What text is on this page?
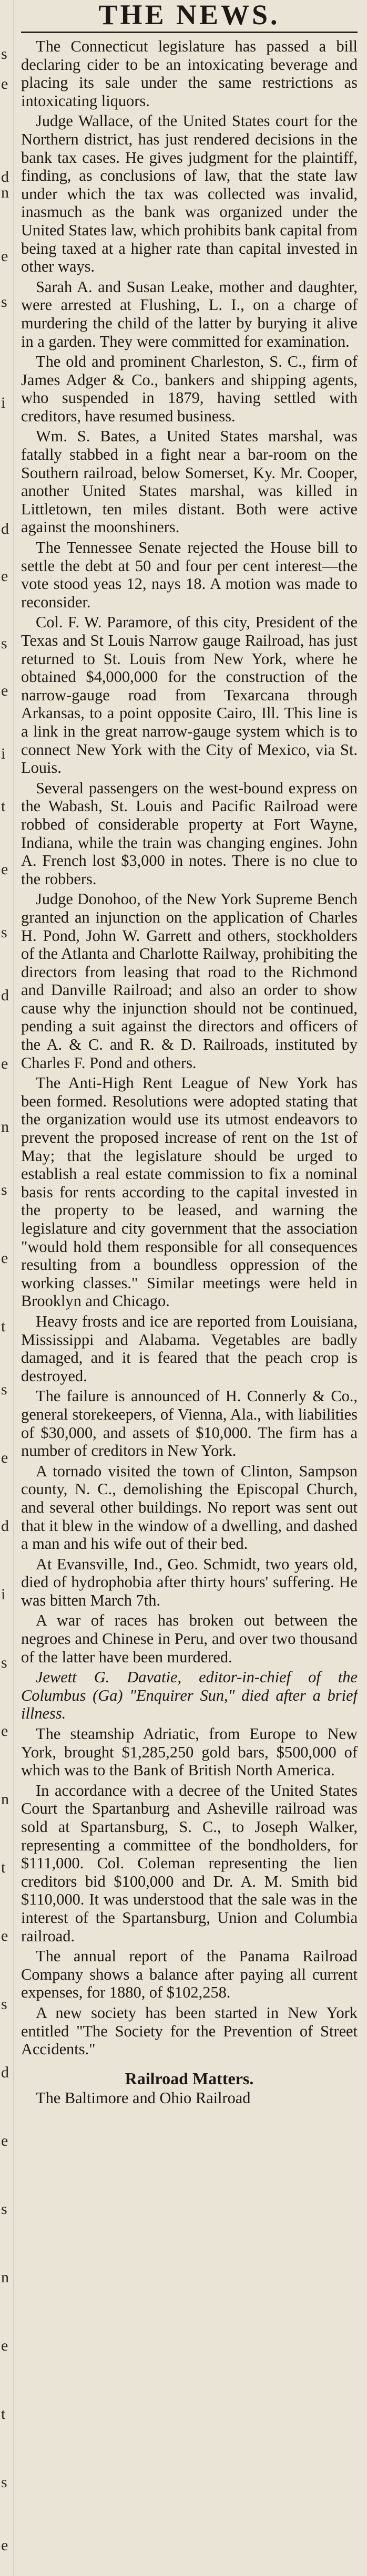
s
e
d
n
e
s
i
d
e
s
e
i
t
e
s
d
e
n
s
e
t
s
e
d
i
s
e
n
t
e
s
d
e
s
n
e
t
s
e
THE NEWS.

The Connecticut legislature has passed a bill declaring cider to be an intoxicating beverage and placing its sale under the same restrictions as intoxicating liquors.

Judge Wallace, of the United States court for the Northern district, has just rendered decisions in the bank tax cases. He gives judgment for the plaintiff, finding, as conclusions of law, that the state law under which the tax was collected was invalid, inasmuch as the bank was organized under the United States law, which prohibits bank capital from being taxed at a higher rate than capital invested in other ways.

Sarah A. and Susan Leake, mother and daughter, were arrested at Flushing, L. I., on a charge of murdering the child of the latter by burying it alive in a garden. They were committed for examination.

The old and prominent Charleston, S. C., firm of James Adger & Co., bankers and shipping agents, who suspended in 1879, having settled with creditors, have resumed business.

Wm. S. Bates, a United States marshal, was fatally stabbed in a fight near a bar-room on the Southern railroad, below Somerset, Ky. Mr. Cooper, another United States marshal, was killed in Littletown, ten miles distant. Both were active against the moonshiners.

The Tennessee Senate rejected the House bill to settle the debt at 50 and four per cent interest—the vote stood yeas 12, nays 18. A motion was made to reconsider.

Col. F. W. Paramore, of this city, President of the Texas and St Louis Narrow gauge Railroad, has just returned to St. Louis from New York, where he obtained $4,000,000 for the construction of the narrow-gauge road from Texarcana through Arkansas, to a point opposite Cairo, Ill. This line is a link in the great narrow-gauge system which is to connect New York with the City of Mexico, via St. Louis.

Several passengers on the west-bound express on the Wabash, St. Louis and Pacific Railroad were robbed of considerable property at Fort Wayne, Indiana, while the train was changing engines. John A. French lost $3,000 in notes. There is no clue to the robbers.

Judge Donohoo, of the New York Supreme Bench granted an injunction on the application of Charles H. Pond, John W. Garrett and others, stockholders of the Atlanta and Charlotte Railway, prohibiting the directors from leasing that road to the Richmond and Danville Railroad; and also an order to show cause why the injunction should not be continued, pending a suit against the directors and officers of the A. & C. and R. & D. Railroads, instituted by Charles F. Pond and others.

The Anti-High Rent League of New York has been formed. Resolutions were adopted stating that the organization would use its utmost endeavors to prevent the proposed increase of rent on the 1st of May; that the legislature should be urged to establish a real estate commission to fix a nominal basis for rents according to the capital invested in the property to be leased, and warning the legislature and city government that the association "would hold them responsible for all consequences resulting from a boundless oppression of the working classes." Similar meetings were held in Brooklyn and Chicago.

Heavy frosts and ice are reported from Louisiana, Mississippi and Alabama. Vegetables are badly damaged, and it is feared that the peach crop is destroyed.

The failure is announced of H. Connerly & Co., general storekeepers, of Vienna, Ala., with liabilities of $30,000, and assets of $10,000. The firm has a number of creditors in New York.

A tornado visited the town of Clinton, Sampson county, N. C., demolishing the Episcopal Church, and several other buildings. No report was sent out that it blew in the window of a dwelling, and dashed a man and his wife out of their bed.

At Evansville, Ind., Geo. Schmidt, two years old, died of hydrophobia after thirty hours' suffering. He was bitten March 7th.

A war of races has broken out between the negroes and Chinese in Peru, and over two thousand of the latter have been murdered.

Jewett G. Davatie, editor-in-chief of the Columbus (Ga) "Enquirer Sun," died after a brief illness.

The steamship Adriatic, from Europe to New York, brought $1,285,250 gold bars, $500,000 of which was to the Bank of British North America.

In accordance with a decree of the United States Court the Spartanburg and Asheville railroad was sold at Spartansburg, S. C., to Joseph Walker, representing a committee of the bondholders, for $111,000. Col. Coleman representing the lien creditors bid $100,000 and Dr. A. M. Smith bid $110,000. It was understood that the sale was in the interest of the Spartansburg, Union and Columbia railroad.

The annual report of the Panama Railroad Company shows a balance after paying all current expenses, for 1880, of $102,258.

A new society has been started in New York entitled "The Society for the Prevention of Street Accidents."

Railroad Matters.

The Baltimore and Ohio Railroad
